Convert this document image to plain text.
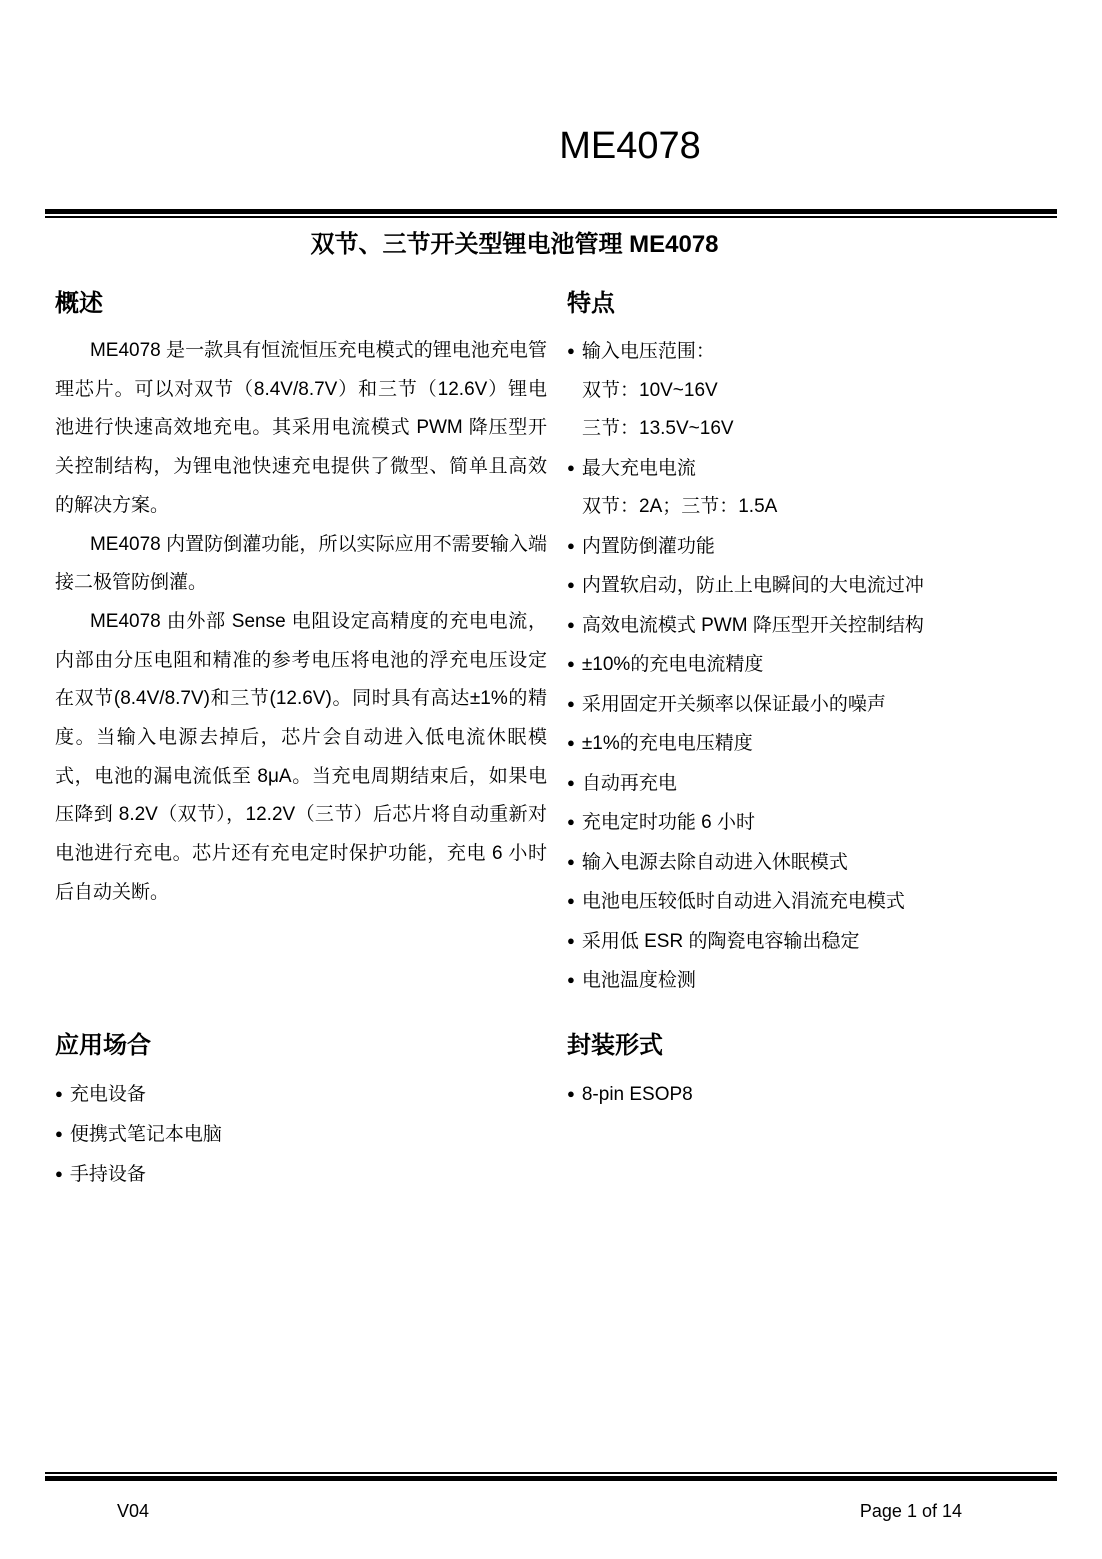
ME4078
双节、三节开关型锂电池管理 ME4078
概述

ME4078 是一款具有恒流恒压充电模式的锂电池充电管理芯片。可以对双节（8.4V/8.7V）和三节（12.6V）锂电池进行快速高效地充电。其采用电流模式 PWM 降压型开关控制结构，为锂电池快速充电提供了微型、简单且高效的解决方案。

ME4078 内置防倒灌功能，所以实际应用不需要输入端接二极管防倒灌。

ME4078 由外部 Sense 电阻设定高精度的充电电流，内部由分压电阻和精准的参考电压将电池的浮充电压设定在双节(8.4V/8.7V)和三节(12.6V)。同时具有高达±1%的精度。当输入电源去掉后，芯片会自动进入低电流休眠模式，电池的漏电流低至 8μA。当充电周期结束后，如果电压降到 8.2V（双节），12.2V（三节）后芯片将自动重新对电池进行充电。芯片还有充电定时保护功能，充电 6 小时后自动关断。

特点
● 输入电压范围：
双节：10V~16V
三节：13.5V~16V
● 最大充电电流
双节：2A；三节：1.5A
● 内置防倒灌功能
● 内置软启动，防止上电瞬间的大电流过冲
● 高效电流模式 PWM 降压型开关控制结构
● ±10%的充电电流精度
● 采用固定开关频率以保证最小的噪声
● ±1%的充电电压精度
● 自动再充电
● 充电定时功能 6 小时
● 输入电源去除自动进入休眠模式
● 电池电压较低时自动进入涓流充电模式
● 采用低 ESR 的陶瓷电容输出稳定
● 电池温度检测
应用场合
● 充电设备
● 便携式笔记本电脑
● 手持设备
封装形式
● 8-pin ESOP8
V04	Page 1 of 14
